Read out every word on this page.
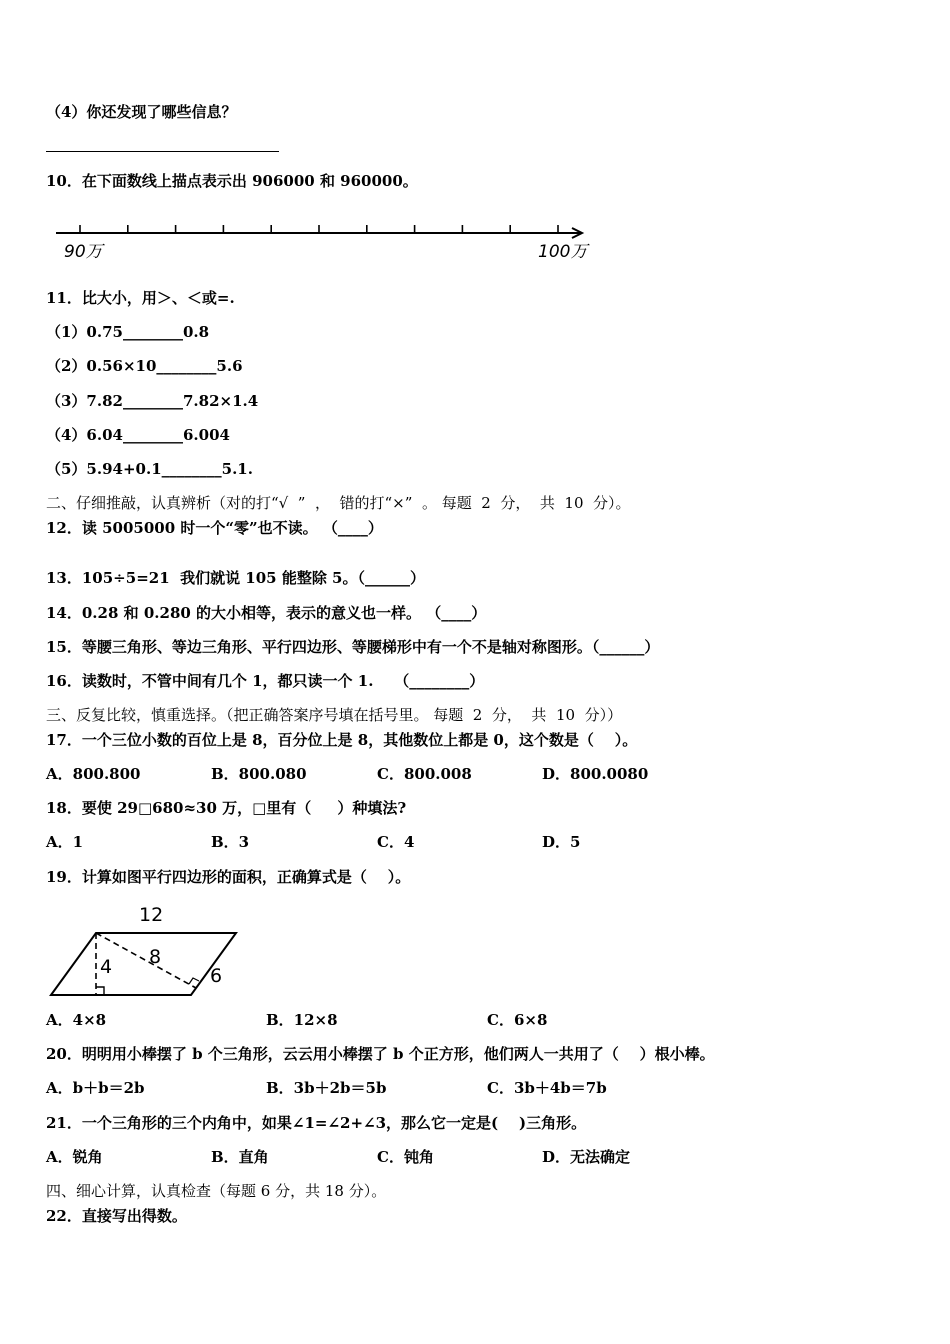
（4）你还发现了哪些信息？
10．在下面数线上描点表示出 906000 和 960000。
90万	100万
11．比大小，用＞、＜或=.
（1）0.75________0.8
（2）0.56×10________5.6
（3）7.82________7.82×1.4
（4）6.04________6.004
（5）5.94+0.1________5.1.
二、仔细推敲，认真辨析（对的打“√  ”  ，  错的打“×”  。 每题  2  分，  共  10  分）。
12．读 5005000 时一个“零”也不读。 （____）
13．105÷5=21  我们就说 105 能整除 5。（______）
14．0.28 和 0.280 的大小相等，表示的意义也一样。 （____）
15．等腰三角形、等边三角形、平行四边形、等腰梯形中有一个不是轴对称图形。（______）
16．读数时，不管中间有几个 1，都只读一个 1.    （________）
三、反复比较，慎重选择。（把正确答案序号填在括号里。 每题  2  分，  共  10  分））
17．一个三位小数的百位上是 8，百分位上是 8，其他数位上都是 0，这个数是（    ）。
A．800.800	B．800.080	C．800.008	D．800.0080
18．要使 29□680≈30 万，□里有（     ）种填法?
A．1	B．3	C．4	D．5
19．计算如图平行四边形的面积，正确算式是（    ）。
12
8
4	6
A．4×8	B．12×8	C．6×8
20．明明用小棒摆了 b 个三角形，云云用小棒摆了 b 个正方形，他们两人一共用了（    ）根小棒。
A．b＋b＝2b	B．3b＋2b＝5b	C．3b＋4b＝7b
21．一个三角形的三个内角中，如果∠1=∠2+∠3，那么它一定是(    )三角形。
A．锐角	B．直角	C．钝角	D．无法确定
四、细心计算，认真检查（每题 6 分，共 18 分）。
22．直接写出得数。
